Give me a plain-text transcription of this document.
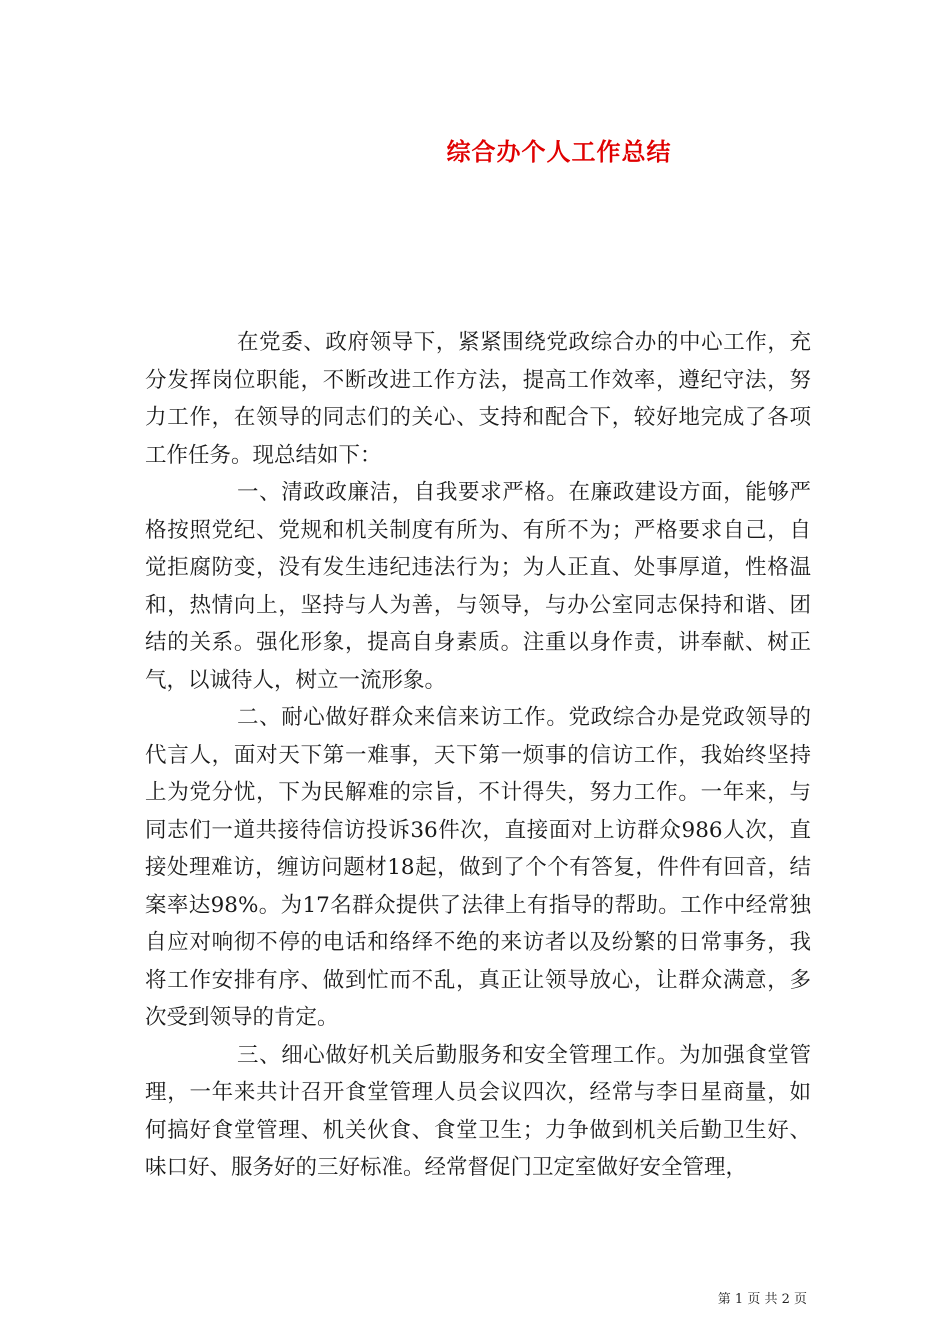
综合办个人工作总结

在党委、政府领导下，紧紧围绕党政综合办的中心工作，充分发挥岗位职能，不断改进工作方法，提高工作效率，遵纪守法，努力工作，在领导的同志们的关心、支持和配合下，较好地完成了各项工作任务。现总结如下：

一、清政政廉洁，自我要求严格。在廉政建设方面，能够严格按照党纪、党规和机关制度有所为、有所不为；严格要求自己，自觉拒腐防变，没有发生违纪违法行为；为人正直、处事厚道，性格温和，热情向上，坚持与人为善，与领导，与办公室同志保持和谐、团结的关系。强化形象，提高自身素质。注重以身作责，讲奉献、树正气，以诚待人，树立一流形象。

二、耐心做好群众来信来访工作。党政综合办是党政领导的代言人，面对天下第一难事，天下第一烦事的信访工作，我始终坚持上为党分忧，下为民解难的宗旨，不计得失，努力工作。一年来，与同志们一道共接待信访投诉36件次，直接面对上访群众986人次，直接处理难访，缠访问题材18起，做到了个个有答复，件件有回音，结案率达98%。为17名群众提供了法律上有指导的帮助。工作中经常独自应对响彻不停的电话和络绎不绝的来访者以及纷繁的日常事务，我将工作安排有序、做到忙而不乱，真正让领导放心，让群众满意，多次受到领导的肯定。

三、细心做好机关后勤服务和安全管理工作。为加强食堂管理，一年来共计召开食堂管理人员会议四次，经常与李日星商量，如何搞好食堂管理、机关伙食、食堂卫生；力争做到机关后勤卫生好、味口好、服务好的三好标准。经常督促门卫定室做好安全管理，

第 1 页 共 2 页
